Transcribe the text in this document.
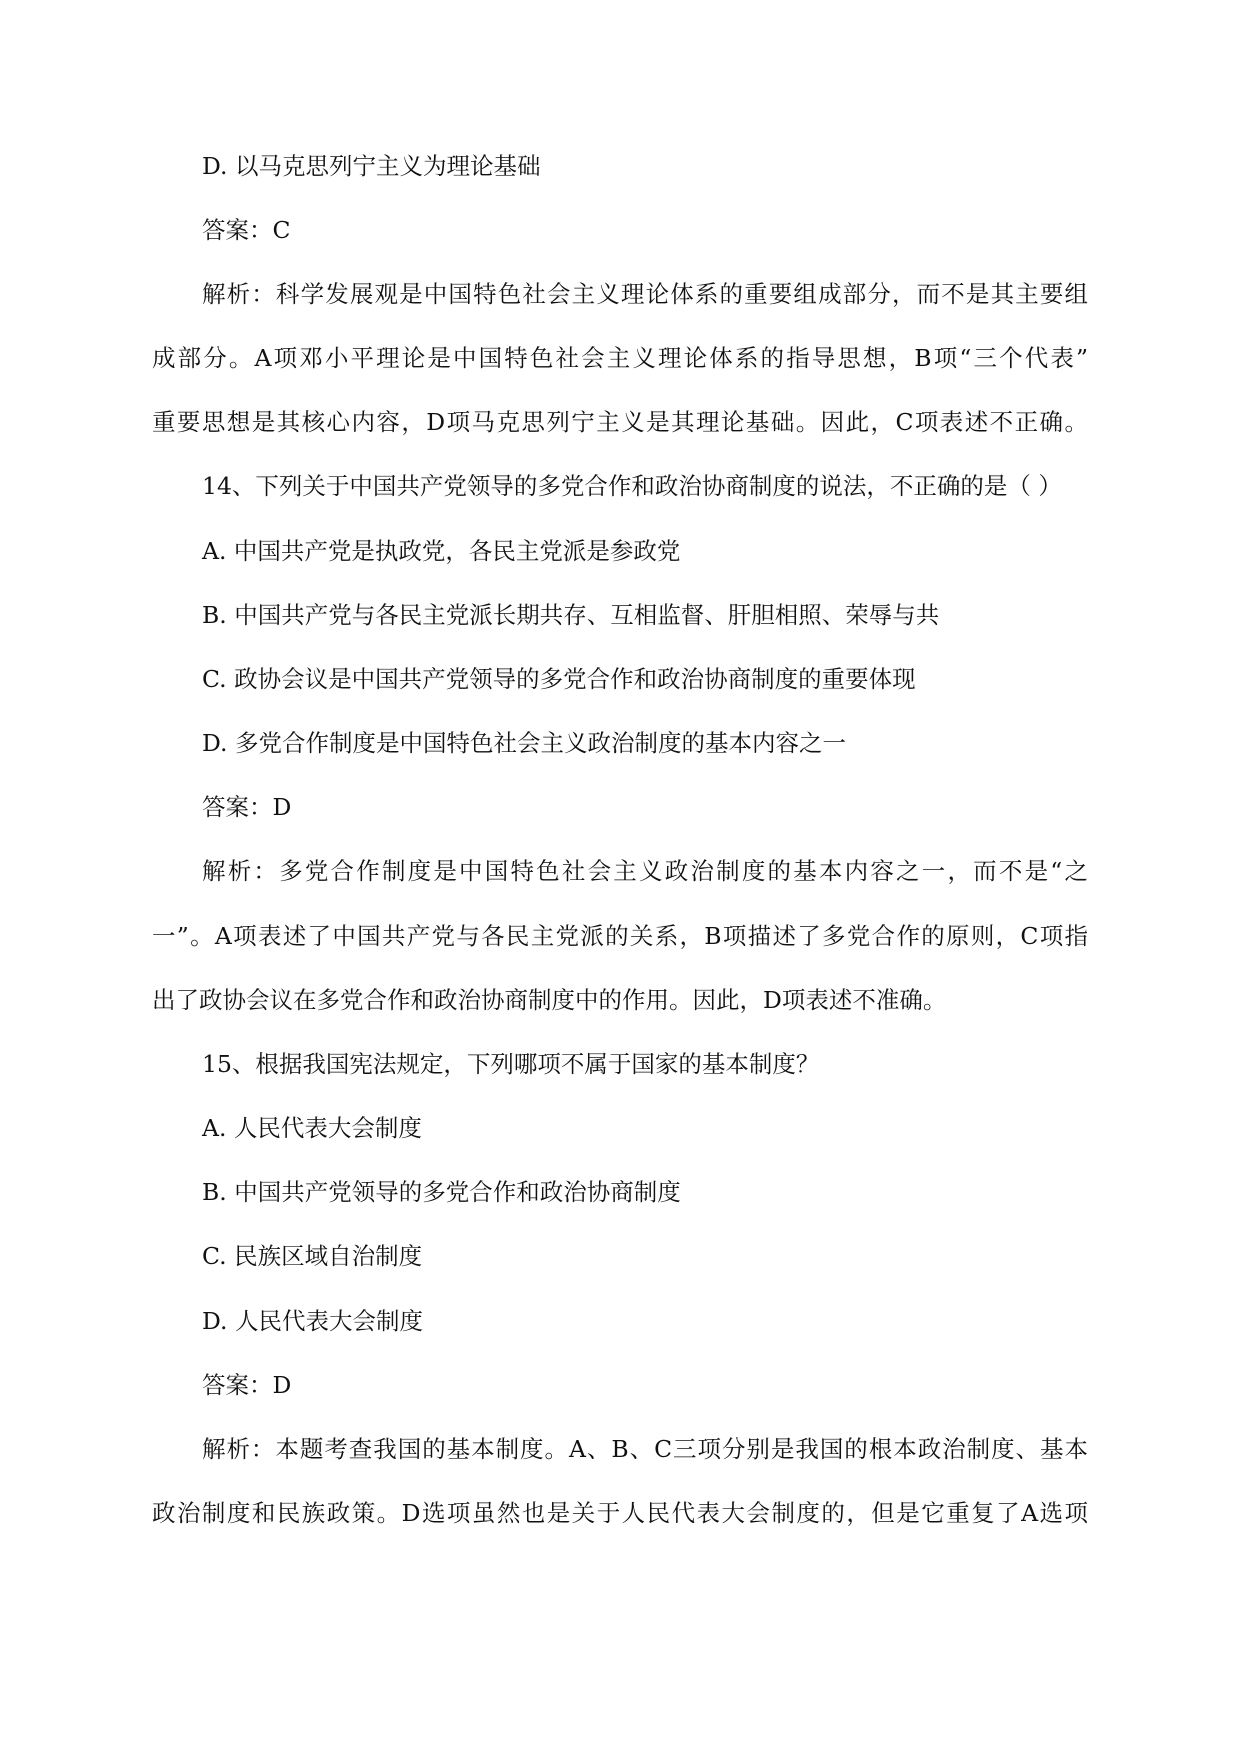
D. 以马克思列宁主义为理论基础
答案：C
解析：科学发展观是中国特色社会主义理论体系的重要组成部分，而不是其主要组
成部分。A项邓小平理论是中国特色社会主义理论体系的指导思想，B项“三个代表”
重要思想是其核心内容，D项马克思列宁主义是其理论基础。因此，C项表述不正确。
14、下列关于中国共产党领导的多党合作和政治协商制度的说法，不正确的是（ ）
A. 中国共产党是执政党，各民主党派是参政党
B. 中国共产党与各民主党派长期共存、互相监督、肝胆相照、荣辱与共
C. 政协会议是中国共产党领导的多党合作和政治协商制度的重要体现
D. 多党合作制度是中国特色社会主义政治制度的基本内容之一
答案：D
解析：多党合作制度是中国特色社会主义政治制度的基本内容之一，而不是“之
一”。A项表述了中国共产党与各民主党派的关系，B项描述了多党合作的原则，C项指
出了政协会议在多党合作和政治协商制度中的作用。因此，D项表述不准确。
15、根据我国宪法规定，下列哪项不属于国家的基本制度？
A. 人民代表大会制度
B. 中国共产党领导的多党合作和政治协商制度
C. 民族区域自治制度
D. 人民代表大会制度
答案：D
解析：本题考查我国的基本制度。A、B、C三项分别是我国的根本政治制度、基本
政治制度和民族政策。D选项虽然也是关于人民代表大会制度的，但是它重复了A选项
